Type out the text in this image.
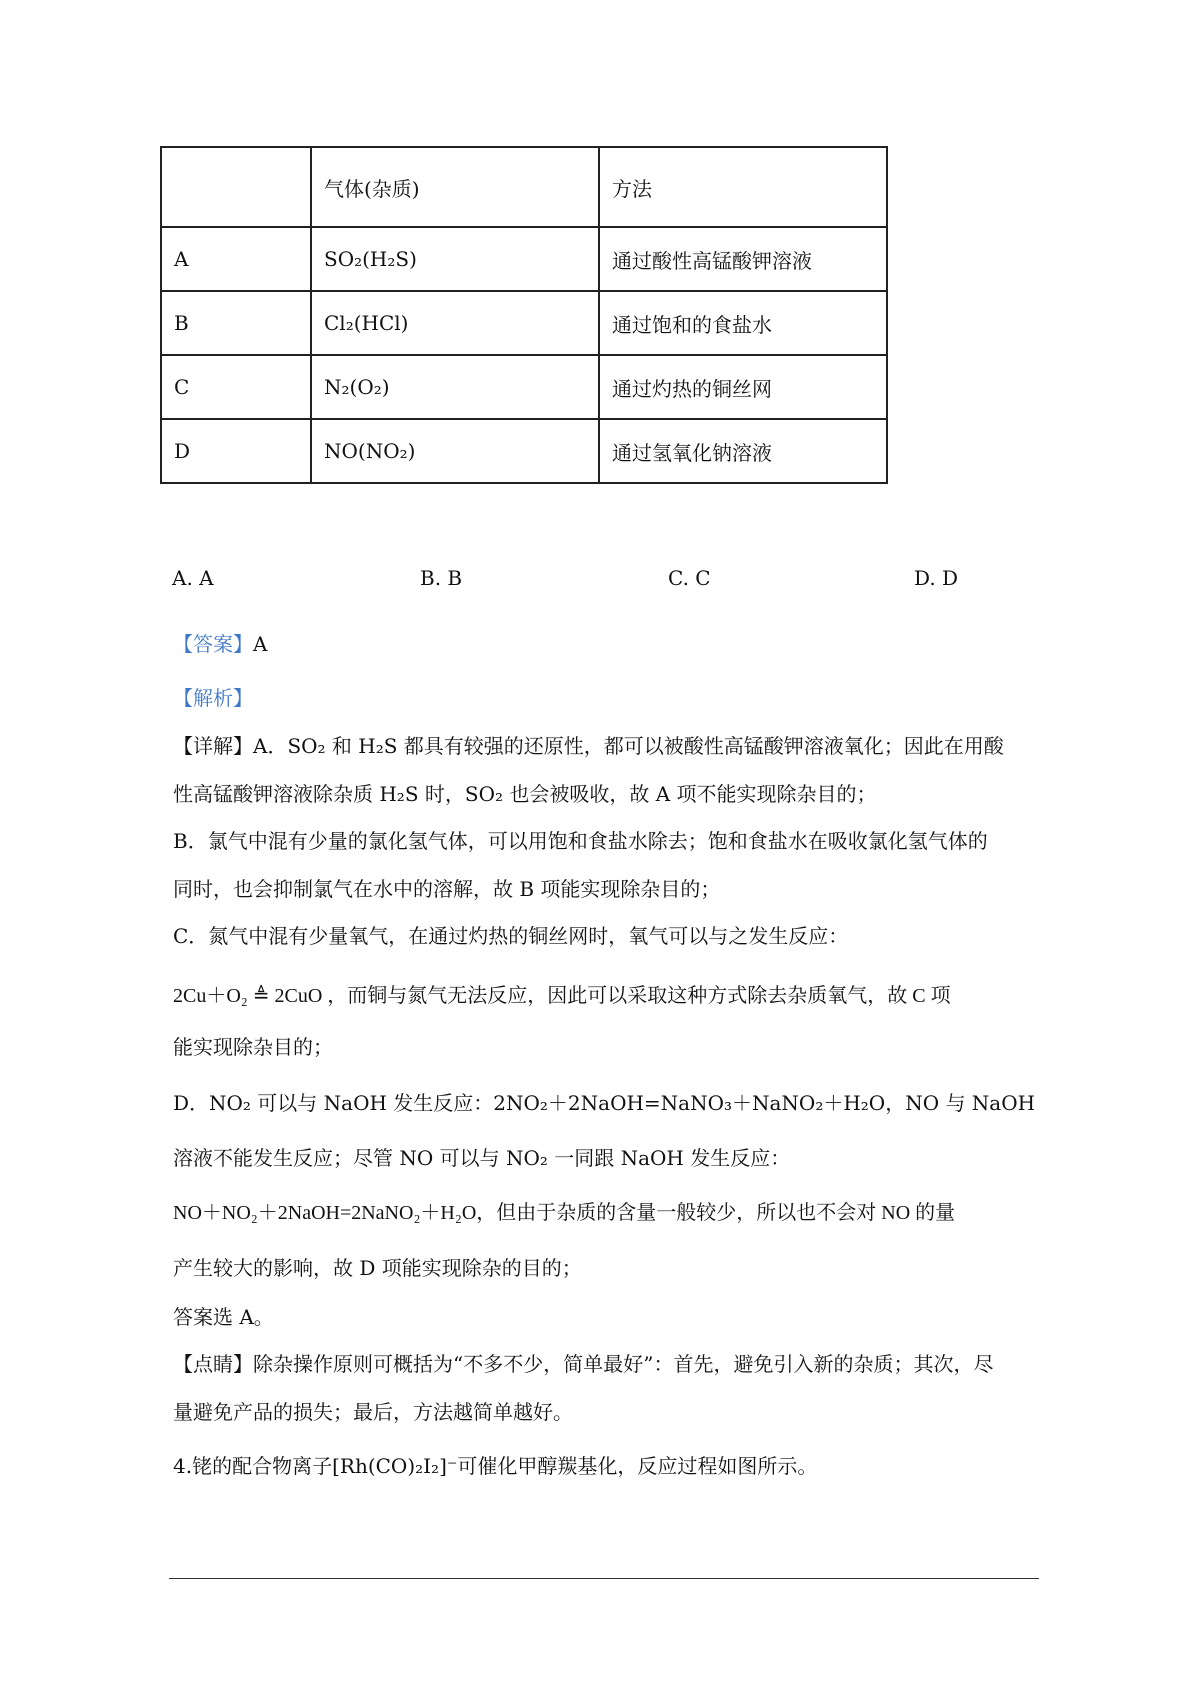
	气体(杂质)	方法
A	SO₂(H₂S)	通过酸性高锰酸钾溶液
B	Cl₂(HCl)	通过饱和的食盐水
C	N₂(O₂)	通过灼热的铜丝网
D	NO(NO₂)	通过氢氧化钠溶液
A. A	B. B	C. C	D. D
【答案】A
【解析】
【详解】A．SO₂ 和 H₂S 都具有较强的还原性，都可以被酸性高锰酸钾溶液氧化；因此在用酸
性高锰酸钾溶液除杂质 H₂S 时，SO₂ 也会被吸收，故 A 项不能实现除杂目的；
B．氯气中混有少量的氯化氢气体，可以用饱和食盐水除去；饱和食盐水在吸收氯化氢气体的
同时，也会抑制氯气在水中的溶解，故 B 项能实现除杂目的；
C．氮气中混有少量氧气，在通过灼热的铜丝网时，氧气可以与之发生反应：
2Cu＋O₂ ≜ 2CuO ，而铜与氮气无法反应，因此可以采取这种方式除去杂质氧气，故 C 项
能实现除杂目的；
D．NO₂ 可以与 NaOH 发生反应：2NO₂＋2NaOH=NaNO₃＋NaNO₂＋H₂O，NO 与 NaOH
溶液不能发生反应；尽管 NO 可以与 NO₂ 一同跟 NaOH 发生反应：
NO＋NO₂＋2NaOH=2NaNO₂＋H₂O，但由于杂质的含量一般较少，所以也不会对 NO 的量
产生较大的影响，故 D 项能实现除杂的目的；
答案选 A。
【点睛】除杂操作原则可概括为“不多不少，简单最好”：首先，避免引入新的杂质；其次，尽
量避免产品的损失；最后，方法越简单越好。
4.铑的配合物离子[Rh(CO)₂I₂]⁻可催化甲醇羰基化，反应过程如图所示。
